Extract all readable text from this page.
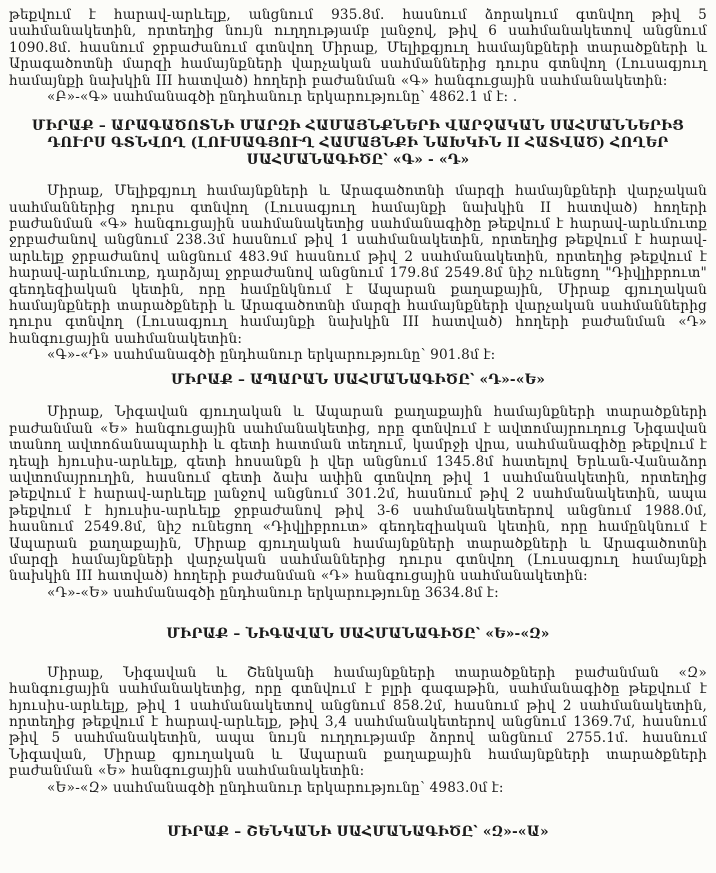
թեքվում է հարավ-արևելք, անցնում 935.8մ. հասնում ձորակում գտնվող թիվ 5 սահմանակետին, որտեղից նույն ուղղությամբ լանջով, թիվ 6 սահմանակետով անցնում 1090.8մ. հասնում ջրբաժանում գտնվող Միրաք, Մելիքգյուղ համայնքների տարածքների և Արագածոտնի մարզի համայնքների վարչական սահմաններից դուրս գտնվող (Լուսագյուղ համայնքի նախկին III հատված) հողերի բաժանման «Գ» հանգուցային սահմանակետին:

«Բ»-«Գ» սահմանագծի ընդհանուր երկարությունը՝ 4862.1 մ է: .

ՄԻՐԱՔ – ԱՐԱԳԱԾՈՏՆԻ ՄԱՐԶԻ ՀԱՄԱՅՆՔՆԵՐԻ ՎԱՐՉԱԿԱՆ ՍԱՀՄԱՆՆԵՐԻՑ ԴՈՒՐՍ ԳՏՆՎՈՂ (ԼՈՒՍԱԳՅՈՒՂ ՀԱՄԱՅՆՔԻ ՆԱԽԿԻՆ II ՀԱՏՎԱԾ) ՀՈՂԵՐ ՍԱՀՄԱՆԱԳԻԾԸ՝ «Գ» - «Դ»

Միրաք, Մելիքգյուղ համայնքների և Արագածոտնի մարզի համայնքների վարչական սահմաններից դուրս գտնվող (Լուսագյուղ համայնքի նախկին II հատված) հողերի բաժանման «Գ» հանգուցային սահմանակետից սահմանագիծը թեքվում է հարավ-արևմուտք ջրբաժանով անցնում 238.3մ հասնում թիվ 1 սահմանակետին, որտեղից թեքվում է հարավ-արևելք ջրբաժանով անցնում 483.9մ հասնում թիվ 2 սահմանակետին, որտեղից թեքվում է հարավ-արևմուտք, դարձյալ ջրբաժանով անցնում 179.8մ 2549.8մ նիշ ունեցող "Դիվլիբրուտ" գեոդեզիական կետին, որը համընկնում է Ապարան քաղաքային, Միրաք գյուղական համայնքների տարածքների և Արագածոտնի մարզի համայնքների վարչական սահմաններից դուրս գտնվող (Լուսագյուղ համայնքի նախկին III հատված) հողերի բաժանման «Դ» հանգուցային սահմանակետին:

«Գ»-«Դ» սահմանագծի ընդհանուր երկարությունը՝ 901.8մ է:

ՄԻՐԱՔ – ԱՊԱՐԱՆ ՍԱՀՄԱՆԱԳԻԾԸ՝ «Դ»-«Ե»

Միրաք, Նիգավան գյուղական և Ապարան քաղաքային համայնքների տարածքների բաժանման «Ե» հանգուցային սահմանակետից, որը գտնվում է ավտոմայրուղուց Նիգավան տանող ավտոճանապարհի և գետի հատման տեղում, կամրջի վրա, սահմանագիծը թեքվում է դեպի հյուսիս-արևելք, գետի հոսանքն ի վեր անցնում 1345.8մ հատելով Երևան-Վանաձոր ավտոմայրուղին, հասնում գետի ձախ ափին գտնվող թիվ 1 սահմանակետին, որտեղից թեքվում է հարավ-արևելք լանջով անցնում 301.2մ, հասնում թիվ 2 սահմանակետին, ապա թեքվում է հյուսիս-արևելք ջրբաժանով թիվ 3-6 սահմանակետերով անցնում 1988.0մ, հասնում 2549.8մ, նիշ ունեցող «Դիվլիբրուտ» գեոդեզիական կետին, որը համընկնում է Ապարան քաղաքային, Միրաք գյուղական համայնքների տարածքների և Արագածոտնի մարզի համայնքների վարչական սահմաններից դուրս գտնվող (Լուսագյուղ համայնքի նախկին III հատված) հողերի բաժանման «Դ» հանգուցային սահմանակետին:

«Դ»-«Ե» սահմանագծի ընդհանուր երկարությունը 3634.8մ է:

ՄԻՐԱՔ – ՆԻԳԱՎԱՆ ՍԱՀՄԱՆԱԳԻԾԸ՝ «Ե»-«Զ»

Միրաք, Նիգավան և Շենկանի համայնքների տարածքների բաժանման «Զ» հանգուցային սահմանակետից, որը գտնվում է բլրի գագաթին, սահմանագիծը թեքվում է հյուսիս-արևելք, թիվ 1 սահմանակետով անցնում 858.2մ, հասնում թիվ 2 սահմանակետին, որտեղից թեքվում է հարավ-արևելք, թիվ 3,4 սահմանակետերով անցնում 1369.7մ, հասնում թիվ 5 սահմանակետին, ապա նույն ուղղությամբ ձորով անցնում 2755.1մ. հասնում Նիգավան, Միրաք գյուղական և Ապարան քաղաքային համայնքների տարածքների բաժանման «Ե» հանգուցային սահմանակետին:

«Ե»-«Զ» սահմանագծի ընդհանուր երկարությունը՝ 4983.0մ է:

ՄԻՐԱՔ – ՇԵՆԿԱՆԻ ՍԱՀՄԱՆԱԳԻԾԸ՝ «Զ»-«Ա»
